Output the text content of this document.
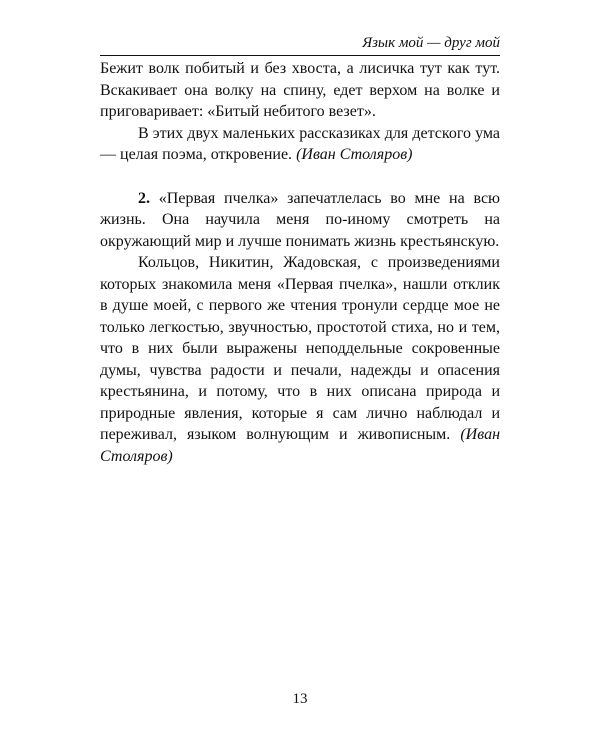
Язык мой — друг мой

Бежит волк побитый и без хвоста, а лисичка тут как тут. Вскакивает она волку на спину, едет верхом на волке и приговаривает: «Битый небитого везет».

В этих двух маленьких рассказиках для детского ума — целая поэма, откровение. (Иван Столяров)

2. «Первая пчелка» запечатлелась во мне на всю жизнь. Она научила меня по-иному смотреть на окружающий мир и лучше понимать жизнь крестьянскую.

Кольцов, Никитин, Жадовская, с произведениями которых знакомила меня «Первая пчелка», нашли отклик в душе моей, с первого же чтения тронули сердце мое не только легкостью, звучностью, простотой стиха, но и тем, что в них были выражены неподдельные сокровенные думы, чувства радости и печали, надежды и опасения крестьянина, и потому, что в них описана природа и природные явления, которые я сам лично наблюдал и переживал, языком волнующим и живописным. (Иван Столяров)

13
